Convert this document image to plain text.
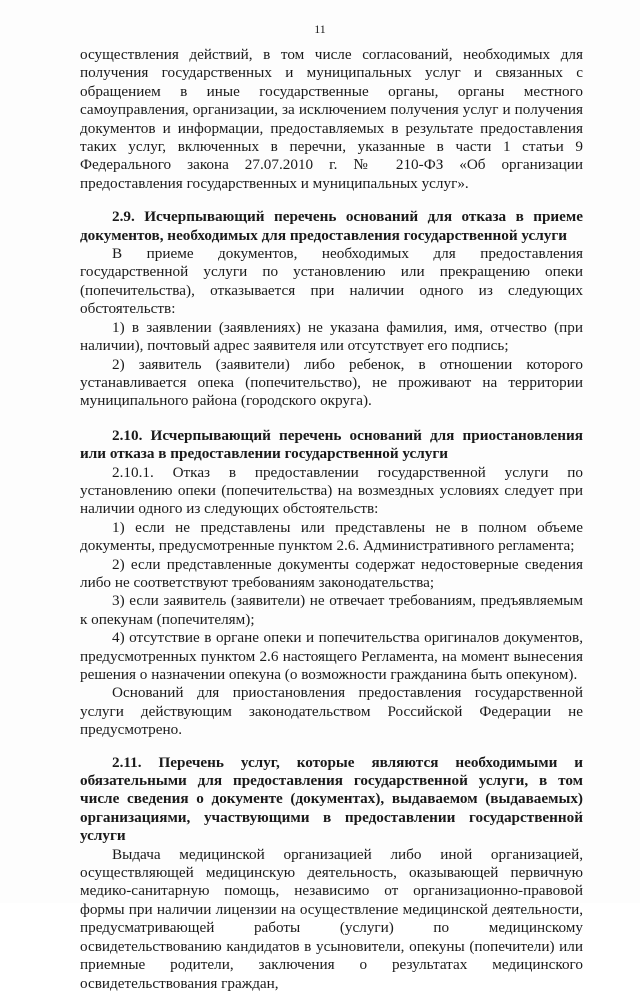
11

осуществления действий, в том числе согласований, необходимых для получения государственных и муниципальных услуг и связанных с обращением в иные государственные органы, органы местного самоуправления, организации, за исключением получения услуг и получения документов и информации, предоставляемых в результате предоставления таких услуг, включенных в перечни, указанные в части 1 статьи 9 Федерального закона 27.07.2010 г. № 210-ФЗ «Об организации предоставления государственных и муниципальных услуг».

2.9. Исчерпывающий перечень оснований для отказа в приеме документов, необходимых для предоставления государственной услуги

В приеме документов, необходимых для предоставления государственной услуги по установлению или прекращению опеки (попечительства), отказывается при наличии одного из следующих обстоятельств:

1) в заявлении (заявлениях) не указана фамилия, имя, отчество (при наличии), почтовый адрес заявителя или отсутствует его подпись;

2) заявитель (заявители) либо ребенок, в отношении которого устанавливается опека (попечительство), не проживают на территории муниципального района (городского округа).

2.10. Исчерпывающий перечень оснований для приостановления или отказа в предоставлении государственной услуги

2.10.1. Отказ в предоставлении государственной услуги по установлению опеки (попечительства) на возмездных условиях следует при наличии одного из следующих обстоятельств:

1) если не представлены или представлены не в полном объеме документы, предусмотренные пунктом 2.6. Административного регламента;

2) если представленные документы содержат недостоверные сведения либо не соответствуют требованиям законодательства;

3) если заявитель (заявители) не отвечает требованиям, предъявляемым к опекунам (попечителям);

4) отсутствие в органе опеки и попечительства оригиналов документов, предусмотренных пунктом 2.6 настоящего Регламента, на момент вынесения решения о назначении опекуна (о возможности гражданина быть опекуном).

Оснований для приостановления предоставления государственной услуги действующим законодательством Российской Федерации не предусмотрено.

2.11. Перечень услуг, которые являются необходимыми и обязательными для предоставления государственной услуги, в том числе сведения о документе (документах), выдаваемом (выдаваемых) организациями, участвующими в предоставлении государственной услуги

Выдача медицинской организацией либо иной организацией, осуществляющей медицинскую деятельность, оказывающей первичную медико-санитарную помощь, независимо от организационно-правовой формы при наличии лицензии на осуществление медицинской деятельности, предусматривающей работы (услуги) по медицинскому освидетельствованию кандидатов в усыновители, опекуны (попечители) или приемные родители, заключения о результатах медицинского освидетельствования граждан,
